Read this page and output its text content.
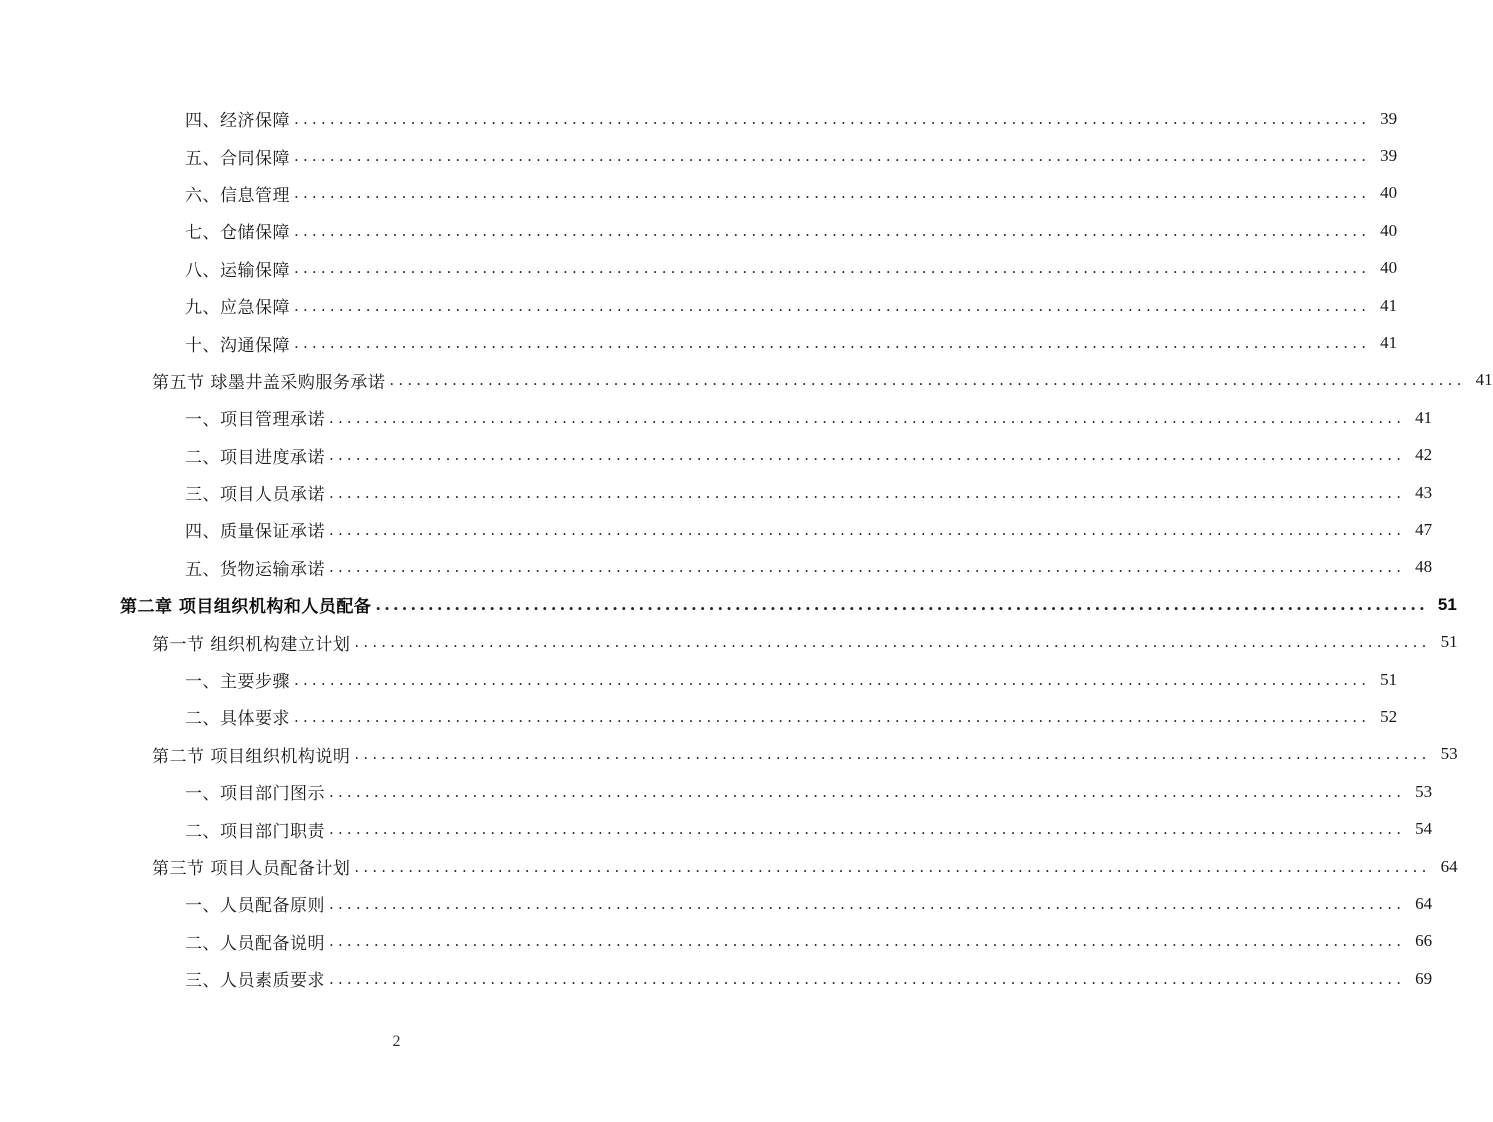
四、经济保障 ........................................................................................................................ 39
五、合同保障 ........................................................................................................................ 39
六、信息管理 ........................................................................................................................ 40
七、仓储保障 ........................................................................................................................ 40
八、运输保障 ........................................................................................................................ 40
九、应急保障 ........................................................................................................................ 41
十、沟通保障 ........................................................................................................................ 41
第五节 球墨井盖采购服务承诺 ........................................................................................................................ 41
一、项目管理承诺 ........................................................................................................................ 41
二、项目进度承诺 ........................................................................................................................ 42
三、项目人员承诺 ........................................................................................................................ 43
四、质量保证承诺 ........................................................................................................................ 47
五、货物运输承诺 ........................................................................................................................ 48
第二章 项目组织机构和人员配备 ........................................................................................................................ 51
第一节 组织机构建立计划 ........................................................................................................................ 51
一、主要步骤 ........................................................................................................................ 51
二、具体要求 ........................................................................................................................ 52
第二节 项目组织机构说明 ........................................................................................................................ 53
一、项目部门图示 ........................................................................................................................ 53
二、项目部门职责 ........................................................................................................................ 54
第三节 项目人员配备计划 ........................................................................................................................ 64
一、人员配备原则 ........................................................................................................................ 64
二、人员配备说明 ........................................................................................................................ 66
三、人员素质要求 ........................................................................................................................ 69
2
